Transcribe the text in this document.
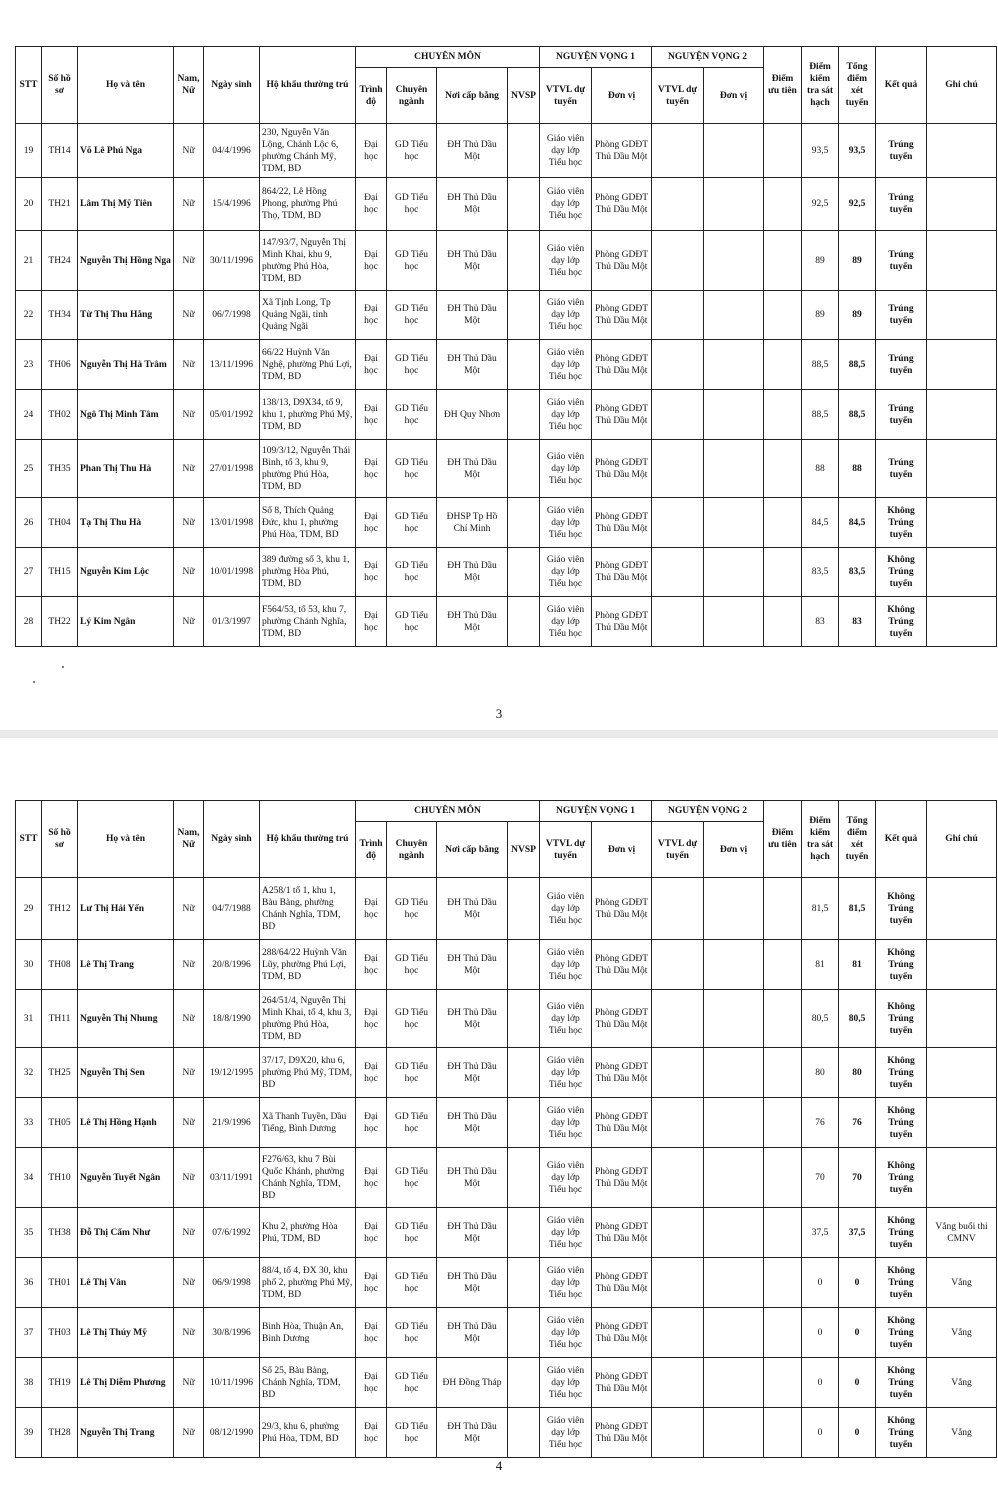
STT	Số hồ sơ	Họ và tên	Nam, Nữ	Ngày sinh	Hộ khẩu thường trú	CHUYÊN MÔN				NGUYỆN VỌNG 1		NGUYỆN VỌNG 2		Điểm ưu tiên	Điểm kiểm tra sát hạch	Tổng điểm xét tuyển	Kết quả	Ghi chú
						Trình độ	Chuyên ngành	Nơi cấp bằng	NVSP	VTVL dự tuyển	Đơn vị	VTVL dự tuyển	Đơn vị					
19	TH14	Võ Lê Phú Nga	Nữ	04/4/1996	230, Nguyễn Văn Lộng, Chánh Lộc 6, phường Chánh Mỹ, TDM, BD	Đại học	GD Tiểu học	ĐH Thủ Dầu Một		Giáo viên dạy lớp Tiểu học	Phòng GDĐT Thủ Dầu Một				93,5	93,5	Trúng tuyển	
20	TH21	Lâm Thị Mỹ Tiên	Nữ	15/4/1996	864/22, Lê Hồng Phong, phường Phú Thọ, TDM, BD	Đại học	GD Tiểu học	ĐH Thủ Dầu Một		Giáo viên dạy lớp Tiểu học	Phòng GDĐT Thủ Dầu Một				92,5	92,5	Trúng tuyển	
21	TH24	Nguyễn Thị Hồng Nga	Nữ	30/11/1996	147/93/7, Nguyễn Thị Minh Khai, khu 9, phường Phú Hòa, TDM, BD	Đại học	GD Tiểu học	ĐH Thủ Dầu Một		Giáo viên dạy lớp Tiểu học	Phòng GDĐT Thủ Dầu Một				89	89	Trúng tuyển	
22	TH34	Từ Thị Thu Hằng	Nữ	06/7/1998	Xã Tịnh Long, Tp Quảng Ngãi, tỉnh Quảng Ngãi	Đại học	GD Tiểu học	ĐH Thủ Dầu Một		Giáo viên dạy lớp Tiểu học	Phòng GDĐT Thủ Dầu Một				89	89	Trúng tuyển	
23	TH06	Nguyễn Thị Hà Trâm	Nữ	13/11/1996	66/22 Huỳnh Văn Nghệ, phường Phú Lợi, TDM, BD	Đại học	GD Tiểu học	ĐH Thủ Dầu Một		Giáo viên dạy lớp Tiểu học	Phòng GDĐT Thủ Dầu Một				88,5	88,5	Trúng tuyển	
24	TH02	Ngô Thị Minh Tâm	Nữ	05/01/1992	138/13, D9X34, tổ 9, khu 1, phường Phú Mỹ, TDM, BD	Đại học	GD Tiểu học	ĐH Quy Nhơn		Giáo viên dạy lớp Tiểu học	Phòng GDĐT Thủ Dầu Một				88,5	88,5	Trúng tuyển	
25	TH35	Phan Thị Thu Hà	Nữ	27/01/1998	109/3/12, Nguyễn Thái Bình, tổ 3, khu 9, phường Phú Hòa, TDM, BD	Đại học	GD Tiểu học	ĐH Thủ Dầu Một		Giáo viên dạy lớp Tiểu học	Phòng GDĐT Thủ Dầu Một				88	88	Trúng tuyển	
26	TH04	Tạ Thị Thu Hà	Nữ	13/01/1998	Số 8, Thích Quảng Đức, khu 1, phường Phú Hòa, TDM, BD	Đại học	GD Tiểu học	ĐHSP Tp Hồ Chí Minh		Giáo viên dạy lớp Tiểu học	Phòng GDĐT Thủ Dầu Một				84,5	84,5	Không Trúng tuyển	
27	TH15	Nguyễn Kim Lộc	Nữ	10/01/1998	389 đường số 3, khu 1, phường Hòa Phú, TDM, BD	Đại học	GD Tiểu học	ĐH Thủ Dầu Một		Giáo viên dạy lớp Tiểu học	Phòng GDĐT Thủ Dầu Một				83,5	83,5	Không Trúng tuyển	
28	TH22	Lý Kim Ngân	Nữ	01/3/1997	F564/53, tổ 53, khu 7, phường Chánh Nghĩa, TDM, BD	Đại học	GD Tiểu học	ĐH Thủ Dầu Một		Giáo viên dạy lớp Tiểu học	Phòng GDĐT Thủ Dầu Một				83	83	Không Trúng tuyển	
3
STT	Số hồ sơ	Họ và tên	Nam, Nữ	Ngày sinh	Hộ khẩu thường trú	CHUYÊN MÔN				NGUYỆN VỌNG 1		NGUYỆN VỌNG 2		Điểm ưu tiên	Điểm kiểm tra sát hạch	Tổng điểm xét tuyển	Kết quả	Ghi chú
						Trình độ	Chuyên ngành	Nơi cấp bằng	NVSP	VTVL dự tuyển	Đơn vị	VTVL dự tuyển	Đơn vị					
29	TH12	Lư Thị Hải Yến	Nữ	04/7/1988	A258/1 tổ 1, khu 1, Bàu Bàng, phường Chánh Nghĩa, TDM, BD	Đại học	GD Tiểu học	ĐH Thủ Dầu Một		Giáo viên dạy lớp Tiểu học	Phòng GDĐT Thủ Dầu Một				81,5	81,5	Không Trúng tuyển	
30	TH08	Lê Thị Trang	Nữ	20/8/1996	288/64/22 Huỳnh Văn Lũy, phường Phú Lợi, TDM, BD	Đại học	GD Tiểu học	ĐH Thủ Dầu Một		Giáo viên dạy lớp Tiểu học	Phòng GDĐT Thủ Dầu Một				81	81	Không Trúng tuyển	
31	TH11	Nguyễn Thị Nhung	Nữ	18/8/1990	264/51/4, Nguyễn Thị Minh Khai, tổ 4, khu 3, phường Phú Hòa, TDM, BD	Đại học	GD Tiểu học	ĐH Thủ Dầu Một		Giáo viên dạy lớp Tiểu học	Phòng GDĐT Thủ Dầu Một				80,5	80,5	Không Trúng tuyển	
32	TH25	Nguyễn Thị Sen	Nữ	19/12/1995	37/17, D9X20, khu 6, phường Phú Mỹ, TDM, BD	Đại học	GD Tiểu học	ĐH Thủ Dầu Một		Giáo viên dạy lớp Tiểu học	Phòng GDĐT Thủ Dầu Một				80	80	Không Trúng tuyển	
33	TH05	Lê Thị Hồng Hạnh	Nữ	21/9/1996	Xã Thanh Tuyền, Dầu Tiếng, Bình Dương	Đại học	GD Tiểu học	ĐH Thủ Dầu Một		Giáo viên dạy lớp Tiểu học	Phòng GDĐT Thủ Dầu Một				76	76	Không Trúng tuyển	
34	TH10	Nguyễn Tuyết Ngân	Nữ	03/11/1991	F276/63, khu 7 Bùi Quốc Khánh, phường Chánh Nghĩa, TDM, BD	Đại học	GD Tiểu học	ĐH Thủ Dầu Một		Giáo viên dạy lớp Tiểu học	Phòng GDĐT Thủ Dầu Một				70	70	Không Trúng tuyển	
35	TH38	Đỗ Thị Cẩm Như	Nữ	07/6/1992	Khu 2, phường Hòa Phú, TDM, BD	Đại học	GD Tiểu học	ĐH Thủ Dầu Một		Giáo viên dạy lớp Tiểu học	Phòng GDĐT Thủ Dầu Một				37,5	37,5	Không Trúng tuyển	Vắng buổi thi CMNV
36	TH01	Lê Thị Vân	Nữ	06/9/1998	88/4, tổ 4, ĐX 30, khu phố 2, phường Phú Mỹ, TDM, BD	Đại học	GD Tiểu học	ĐH Thủ Dầu Một		Giáo viên dạy lớp Tiểu học	Phòng GDĐT Thủ Dầu Một				0	0	Không Trúng tuyển	Vắng
37	TH03	Lê Thị Thúy Mỹ	Nữ	30/8/1996	Bình Hòa, Thuận An, Bình Dương	Đại học	GD Tiểu học	ĐH Thủ Dầu Một		Giáo viên dạy lớp Tiểu học	Phòng GDĐT Thủ Dầu Một				0	0	Không Trúng tuyển	Vắng
38	TH19	Lê Thị Diễm Phương	Nữ	10/11/1996	Số 25, Bàu Bàng, Chánh Nghĩa, TDM, BD	Đại học	GD Tiểu học	ĐH Đồng Tháp		Giáo viên dạy lớp Tiểu học	Phòng GDĐT Thủ Dầu Một				0	0	Không Trúng tuyển	Vắng
39	TH28	Nguyễn Thị Trang	Nữ	08/12/1990	29/3, khu 6, phường Phú Hòa, TDM, BD	Đại học	GD Tiểu học	ĐH Thủ Dầu Một		Giáo viên dạy lớp Tiểu học	Phòng GDĐT Thủ Dầu Một				0	0	Không Trúng tuyển	Vắng
4
